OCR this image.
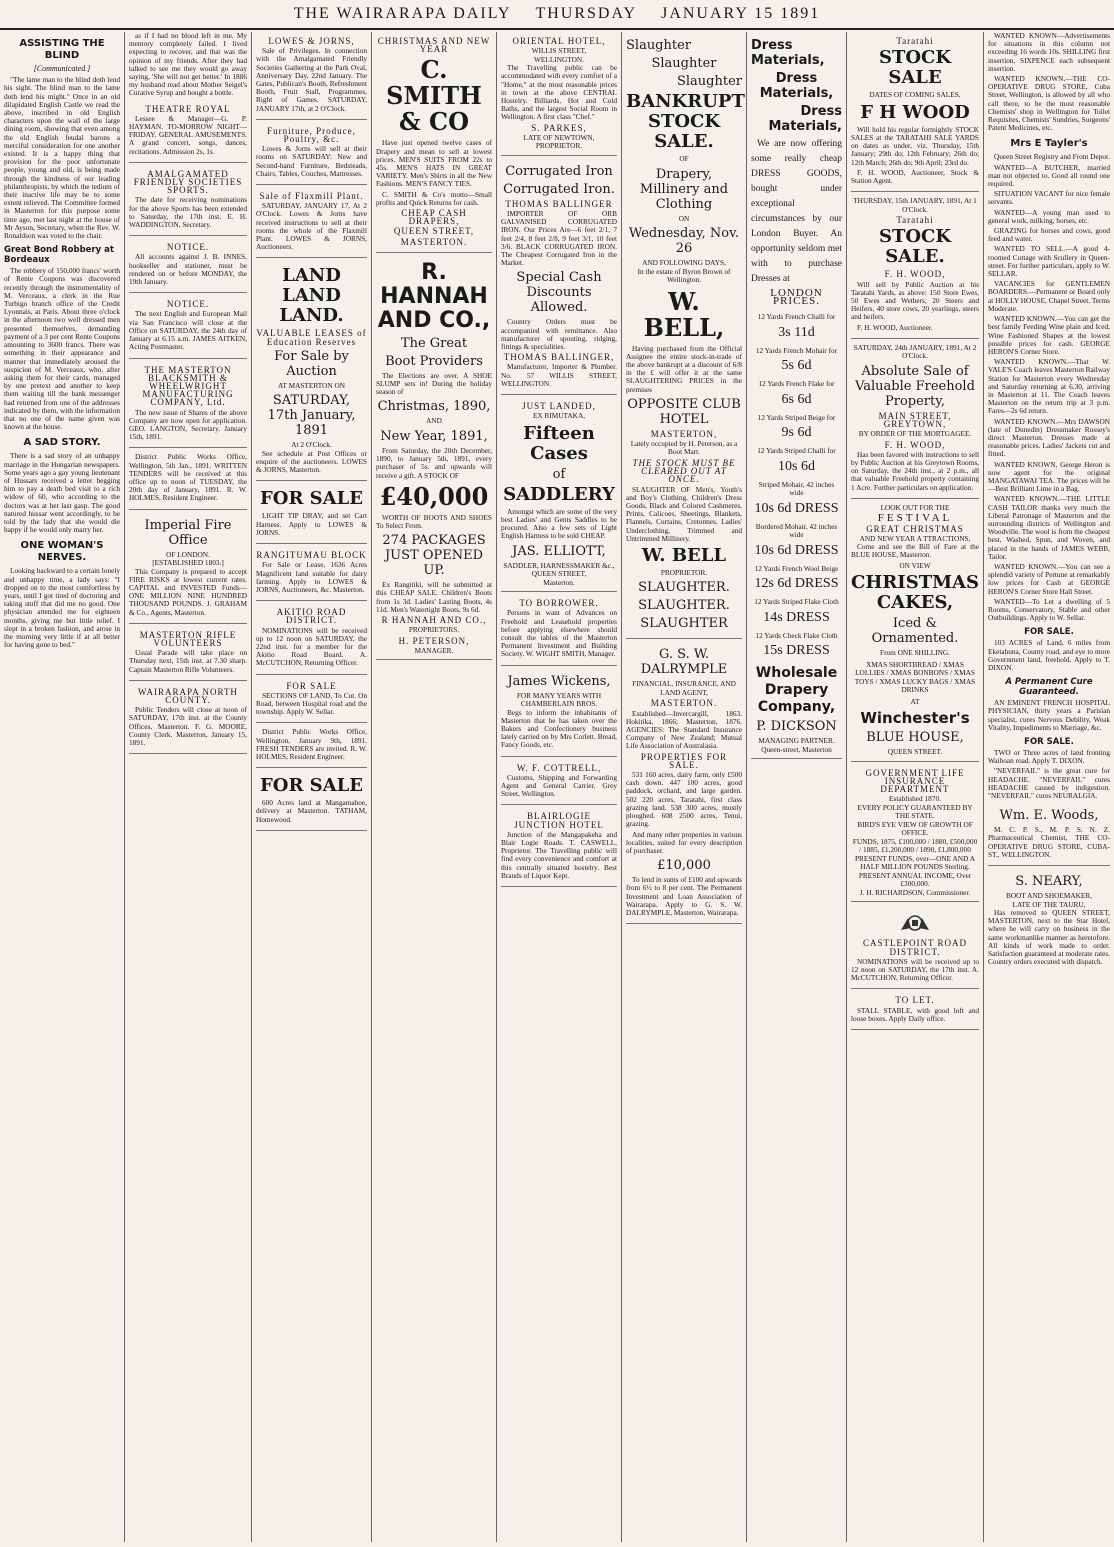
THE WAIRARAPA DAILY THURSDAY JANUARY 15 1891
ASSISTING THE BLIND
[Communicated.]

"The lame man to the blind doth lend his sight. The blind man to the lame doth lend his might." Once in an old dilapidated English Castle we read the above, inscribed in old English characters upon the wall of the large dining room, showing that even among the old English feudal barons a merciful consideration for one another existed. It is a happy thing that provision for the poor unfortunate people, young and old, is being made through the kindness of our leading philanthropists, by which the tedium of their inactive life may be to some extent relieved. The Committee formed in Masterton for this purpose some time ago, met last night at the house of Mr Ayson, Secretary, when the Rev. W. Ronaldson was voted to the chair.

Great Bond Robbery at Bordeaux

The robbery of 150,000 francs' worth of Rente Coupons was discovered recently through the instrumentality of M. Verceaux, a clerk in the Rue Turbigo branch office of the Credit Lyonnais, at Paris. About three o'clock in the afternoon two well dressed men presented themselves, demanding payment of a 3 per cent Rente Coupons amounting to 3600 francs. There was something in their appearance and manner that immediately aroused the suspicion of M. Verceaux, who, after asking them for their cards, managed by one pretext and another to keep them waiting till the bank messenger had returned from one of the addresses indicated by them, with the information that no one of the name given was known at the house.

A SAD STORY.

There is a sad story of an unhappy marriage in the Hungarian newspapers. Some years ago a gay young lieutenant of Hussars received a letter begging him to pay a death bed visit to a rich widow of 60, who according to the doctors was at her last gasp. The good natured hussar went accordingly, to be told by the lady that she would die happy if he would only marry her.

ONE WOMAN'S NERVES.

Looking backward to a certain lonely and unhappy time, a lady says: "I dropped on to the most comfortless by years, until I got tired of doctoring and taking stuff that did me no good. One physician attended me for eighteen months, giving me but little relief. I slept in a broken fashion, and arose in the morning very little if at all better for having gone to bed."

as if I had no blood left in me. My memory completely failed. I lived expecting to recover, and that was the opinion of my friends. After they had talked to see me they would go away saying, 'She will not get better.' In 1886 my husband read about Mother Seigel's Curative Syrup and bought a bottle.

THEATRE ROYAL

Lessee & Manager—G. P. HAYMAN. TO-MORROW NIGHT—FRIDAY. GENERAL AMUSEMENTS. A grand concert, songs, dances, recitations. Admission 2s, 1s.

AMALGAMATED FRIENDLY SOCIETIES SPORTS.

The date for receiving nominations for the above Sports has been extended to Saturday, the 17th inst. E. H. WADDINGTON, Secretary.

NOTICE.

All accounts against J. B. INNES, bookseller and stationer, must be rendered on or before MONDAY, the 19th January.

NOTICE.

The next English and European Mail via San Francisco will close at the Office on SATURDAY, the 24th day of January at 6.15 a.m. JAMES AITKEN, Acting Postmaster.

THE MASTERTON BLACKSMITH & WHEELWRIGHT MANUFACTURING COMPANY, Ltd.

The new issue of Shares of the above Company are now open for application. GEO. LANGTON, Secretary. January 15th, 1891.

District Public Works Office, Wellington, 5th Jan., 1891. WRITTEN TENDERS will be received at this office up to noon of TUESDAY, the 20th day of January, 1891. R. W. HOLMES, Resident Engineer.

Imperial Fire Office
OF LONDON.
[ESTABLISHED 1803.]

This Company is prepared to accept FIRE RISKS at lowest current rates. CAPITAL and INVESTED Funds—ONE MILLION NINE HUNDRED THOUSAND POUNDS. J. GRAHAM & Co., Agents, Masterton.

MASTERTON RIFLE VOLUNTEERS

Usual Parade will take place on Thursday next, 15th inst. at 7.30 sharp. Captain Masterton Rifle Volunteers.

WAIRARAPA NORTH COUNTY.

Public Tenders will close at noon of SATURDAY, 17th inst. at the County Offices, Masterton. F. G. MOORE, County Clerk. Masterton, January 15, 1891.

LOWES & JORNS,

Sale of Privileges. In connection with the Amalgamated Friendly Societies Gathering at the Park Oval, Anniversary Day, 22nd January. The Gates, Publican's Booth, Refreshment Booth, Fruit Stall, Programmes, Right of Games. SATURDAY, JANUARY 17th, at 2 O'Clock.

Furniture, Produce, Poultry, &c.

Lowes & Jorns will sell at their rooms on SATURDAY: New and Second-hand Furniture, Bedsteads, Chairs, Tables, Couches, Mattresses.

Sale of Flaxmill Plant.

SATURDAY, JANUARY 17, At 2 O'Clock. Lowes & Jorns have received instructions to sell at their rooms the whole of the Flaxmill Plant. LOWES & JORNS, Auctioneers.

LAND LAND LAND.
VALUABLE LEASES of Education Reserves
For Sale by Auction
AT MASTERTON ON
SATURDAY, 17th January, 1891
At 2 O'Clock.

See schedule at Post Offices or enquire of the auctioneers. LOWES & JORNS, Masterton.

FOR SALE

LIGHT TIP DRAY, and set Cart Harness. Apply to LOWES & JORNS.

RANGITUMAU BLOCK

For Sale or Lease, 1636 Acres Magnificent land suitable for dairy farming. Apply to LOWES & JORNS, Auctioneers, &c. Masterton.

AKITIO ROAD DISTRICT.

NOMINATIONS will be received up to 12 noon on SATURDAY, the 22nd inst. for a member for the Akitio Road Board. A. McCUTCHON, Returning Officer.

FOR SALE

SECTIONS OF LAND, To Cut. On Road, between Hospital road and the township. Apply W. Sellar.

District Public Works Office, Wellington, January 9th, 1891. FRESH TENDERS are invited. R. W. HOLMES, Resident Engineer.

FOR SALE

600 Acres land at Mangamahoe, delivery at Masterton. TATHAM, Homewood.

CHRISTMAS AND NEW YEAR
C. SMITH & CO

Have just opened twelve cases of Drapery and mean to sell at lowest prices. MEN'S SUITS FROM 22s to 45s. MEN'S HATS IN GREAT VARIETY. Men's Shirts in all the New Fashions. MEN'S FANCY TIES.

C. SMITH & Co's motto—Small profits and Quick Returns for cash.

CHEAP CASH DRAPERS,
QUEEN STREET,
MASTERTON.
R. HANNAH AND CO.,
The Great
Boot Providers

The Elections are over. A SHOE SLUMP sets in! During the holiday season of

Christmas, 1890,
AND
New Year, 1891,

From Saturday, the 20th December, 1890, to January 5th, 1891, every purchaser of 5s. and upwards will receive a gift. A STOCK OF

£40,000

WORTH OF BOOTS AND SHOES To Select From.

274 PACKAGES JUST OPENED UP.

Ex Rangitiki, will be submitted at this CHEAP SALE. Children's Boots from 1s 3d. Ladies' Lasting Boots, 4s 11d. Men's Watertight Boots, 9s 6d.

R HANNAH AND CO.,
PROPRIETORS.
H. PETERSON,
MANAGER.
ORIENTAL HOTEL,
WILLIS STREET,
WELLINGTON.

The Travelling public can be accommodated with every comfort of a "Home," at the most reasonable prices in town at the above CENTRAL Hostelry. Billiards, Hot and Cold Baths, and the largest Social Room in Wellington. A first class "Chef."

S. PARKES,
LATE OF NEWTOWN,
PROPRIETOR.
Corrugated Iron
Corrugated Iron.
THOMAS BALLINGER

IMPORTER OF ORB GALVANISED CORRUGATED IRON. Our Prices Are—6 feet 2/1, 7 feet 2/4, 8 feet 2/8, 9 feet 3/1, 10 feet 3/6. BLACK CORRUGATED IRON. The Cheapest Corrugated Iron in the Market.

Special Cash Discounts Allowed.

Country Orders must be accompanied with remittance. Also manufacturer of spouting, ridging, fittings & specialities.

THOMAS BALLINGER,

Manufacturer, Importer & Plumber. No. 57 WILLIS STREET, WELLINGTON.

JUST LANDED,
EX RIMUTAKA,
Fifteen Cases
of
SADDLERY

Amongst which are some of the very best Ladies' and Gents Saddles to be procured. Also a few sets of Light English Harness to be sold CHEAP.

JAS. ELLIOTT,
SADDLER, HARNESSMAKER &c.,
QUEEN STREET,
Masterton.
TO BORROWER.

Persons in want of Advances on Freehold and Leasehold properties before applying elsewhere should consult the tables of the Masterton Permanent Investment and Building Society. W. WIGHT SMITH, Manager.

James Wickens,
FOR MANY YEARS WITH CHAMBERLAIN BROS.

Begs to inform the inhabitants of Masterton that he has taken over the Bakers and Confectionery business lately carried on by Mrs Corlett. Bread, Fancy Goods, etc.

W. F. COTTRELL,

Customs, Shipping and Forwarding Agent and General Carrier. Grey Street, Wellington.

BLAIRLOGIE JUNCTION HOTEL

Junction of the Mangapakeha and Blair Logie Roads. T. CASWELL, Proprietor. The Travelling public will find every convenience and comfort at this centrally situated hostelry. Best Brands of Liquor Kept.

Slaughter
Slaughter
Slaughter
BANKRUPT STOCK SALE.
OF
Drapery, Millinery and Clothing
ON
Wednesday, Nov. 26
AND FOLLOWING DAYS,
In the estate of Byron Brown of Wellington.
W. BELL,

Having purchased from the Official Assignee the entire stock-in-trade of the above bankrupt at a discount of 6/8 in the £ will offer it at the same SLAUGHTERING PRICES in the premises

OPPOSITE CLUB HOTEL
MASTERTON,
Lately occupied by H. Peterson, as a Boot Mart.
THE STOCK MUST BE CLEARED OUT AT ONCE.

SLAUGHTER OF Men's, Youth's and Boy's Clothing, Children's Dress Goods, Black and Colored Cashmeres, Prints, Calicoes, Sheetings, Blankets, Flannels, Curtains, Cretonnes, Ladies' Underclothing, Trimmed and Untrimmed Millinery.

W. BELL
PROPRIETOR.
SLAUGHTER.
SLAUGHTER.
SLAUGHTER
G. S. W. DALRYMPLE
FINANCIAL, INSURANCE, AND LAND AGENT,
MASTERTON.

Established—Invercargill, 1863. Hokitika, 1866; Masterton, 1876. AGENCIES: The Standard Insurance Company of New Zealand; Mutual Life Association of Australasia.

PROPERTIES FOR SALE.

531 160 acres, dairy farm, only £500 cash down. 447 100 acres, good paddock, orchard, and large garden. 502 220 acres, Taratahi, first class grazing land. 538 300 acres, mostly ploughed. 608 2500 acres, Tenui, grazing.

And many other properties in various localities, suited for every description of purchaser.

£10,000

To lend in sums of £100 and upwards from 6½ to 8 per cent. The Permanent Investment and Loan Association of Wairarapa. Apply to G. S. W. DALRYMPLE, Masterton, Wairarapa.

Dress Materials,
Dress Materials,
Dress Materials,

We are now offering some really cheap DRESS GOODS, bought under exceptional circumstances by our London Buyer. An opportunity seldom met with to purchase Dresses at

LONDON PRICES.
12 Yards French Challi for
3s 11d
12 Yards French Mohair for
5s 6d
12 Yards French Flake for
6s 6d
12 Yards Striped Beige for
9s 6d
12 Yards Striped Challi for
10s 6d
Striped Mohair, 42 inches wide
10s 6d DRESS
Bordered Mohair, 42 inches wide
10s 6d DRESS
12 Yards French Wool Beige
12s 6d DRESS
12 Yards Striped Flake Cloth
14s DRESS
12 Yards Check Flake Cloth
15s DRESS
Wholesale Drapery Company,
P. DICKSON
MANAGING PARTNER.
Queen-street, Masterton
Taratahi
STOCK SALE
DATES OF COMING SALES,
F H WOOD

Will hold his regular fortnightly STOCK SALES at the TARATAHI SALE YARDS on dates as under, viz. Thursday, 15th January; 29th do; 12th February; 26th do; 12th March; 26th do; 9th April; 23rd do.

F. H. WOOD, Auctioneer, Stock & Station Agent.

THURSDAY, 15th JANUARY, 1891, At 1 O'Clock.
Taratahi
STOCK SALE.
F. H. WOOD,

Will sell by Public Auction at his Taratahi Yards, as above: 150 Store Ewes, 50 Ewes and Wethers, 20 Steers and Heifers, 40 store cows, 20 yearlings, steers and heifers.

F. H. WOOD, Auctioneer.

SATURDAY, 24th JANUARY, 1891, At 2 O'Clock.
Absolute Sale of Valuable Freehold Property,
MAIN STREET, GREYTOWN,
BY ORDER OF THE MORTGAGEE.
F. H. WOOD,

Has been favored with instructions to sell by Public Auction at his Greytown Rooms, on Saturday, the 24th inst., at 2 p.m., all that valuable Freehold property containing 1 Acre. Further particulars on application.

LOOK OUT FOR THE
FESTIVAL
GREAT CHRISTMAS
AND NEW YEAR A TTRACTIONS,

Come and see the Bill of Fare at the BLUE HOUSE, Masterton.

ON VIEW
CHRISTMAS CAKES,
Iced & Ornamented.
From ONE SHILLING.
XMAS SHORTBREAD / XMAS LOLLIES / XMAS BONBONS / XMAS TOYS / XMAS LUCKY BAGS / XMAS DRINKS
AT
Winchester's
BLUE HOUSE,
QUEEN STREET.
GOVERNMENT LIFE INSURANCE DEPARTMENT
Established 1870.
EVERY POLICY GUARANTEED BY THE STATE.
BIRD'S EYE VIEW OF GROWTH OF OFFICE.
FUNDS, 1875, £100,000 / 1880, £500,000 / 1885, £1,200,000 / 1890, £1,800,000
PRESENT FUNDS, over—ONE AND A HALF MILLION POUNDS Sterling.
PRESENT ANNUAL INCOME, Over £300,000.
J. H. RICHARDSON, Commissioner.
CASTLEPOINT ROAD DISTRICT.

NOMINATIONS will be received up to 12 noon on SATURDAY, the 17th inst. A. McCUTCHON, Returning Officer.

TO LET.

STALL STABLE, with good loft and loose boxes. Apply Daily office.

WANTED KNOWN—Advertisements for situations in this column not exceeding 16 words 10s. SHILLING first insertion, SIXPENCE each subsequent insertion.

WANTED KNOWN.—THE CO-OPERATIVE DRUG STORE, Cuba Street, Wellington, is allowed by all who call there, to be the most reasonable Chemists' shop in Wellington for Toilet Requisites, Chemists' Sundries, Surgeons' Patent Medicines, etc.

Mrs E Tayler's

Queen Street Registry and Front Depot.

WANTED—A BUTCHER, married man not objected to. Good all round one required.

SITUATION VACANT for nice female servants.

WANTED—A young man used to general work, milking, horses, etc.

GRAZING for horses and cows, good feed and water.

WANTED TO SELL.—A good 4-roomed Cottage with Scullery in Queen-street. For further particulars, apply to W. SELLAR.

VACANCIES for GENTLEMEN BOARDERS.—Permanent or Board only at HOLLY HOUSE, Chapel Street. Terms Moderate.

WANTED KNOWN.—You can get the best family Feeding Wine plain and Iced, Wine Fashioned Shapes at the lowest possible prices for cash. GEORGE HERON'S Corner Store.

WANTED KNOWN.—That W. VALE'S Coach leaves Masterton Railway Station for Masterton every Wednesday and Saturday returning at 6.30, arriving in Masterton at 11. The Coach leaves Masterton on the return trip at 3 p.m. Fares—2s 6d return.

WANTED KNOWN.—Mrs DAWSON (late of Dunedin) Dressmaker Rossey's direct Masterton. Dresses made at reasonable prices. Ladies' Jackets cut and fitted.

WANTED KNOWN, George Heron is now agent for the original MANGATAWAI TEA. The prices will be—Best Brilliant Lime in a Bag.

WANTED KNOWN.—THE LITTLE CASH TAILOR thanks very much the Liberal Patronage of Masterton and the surrounding districts of Wellington and Woodville. The wool is from the cheapest best, Washed, Spun, and Woven, and placed in the hands of JAMES WEBB, Tailor.

WANTED KNOWN.—You can see a splendid variety of Pertune at remarkably low prices for Cash at GEORGE HERON'S Corner Store Hall Street.

WANTED—To Let a dwelling of 5 Rooms, Conservatory, Stable and other Outbuildings. Apply to W. Sellar.

FOR SALE.

103 ACRES of Land, 6 miles from Eketahuna, County road, and eye to more Government land, freehold. Apply to T. DIXON.

A Permanent Cure Guaranteed.

AN EMINENT FRENCH HOSPITAL PHYSICIAN, thirty years a Parisian specialist, cures Nervous Debility, Weak Vitality, Impediments to Marriage, &c.

FOR SALE.

TWO or Three acres of land fronting Waihoan road. Apply T. DIXON.

"NEVERFAIL" is the great cure for HEADACHE. "NEVERFAIL" cures HEADACHE caused by indigestion. "NEVERFAIL" cures NEURALGIA.

Wm. E. Woods,

M. C. P. S., M. P. S. N. Z. Pharmaceutical Chemist, THE CO-OPERATIVE DRUG STORE, CUBA-ST., WELLINGTON.

S. NEARY,
BOOT AND SHOEMAKER,
LATE OF THE TAURU,

Has removed to QUEEN STREET, MASTERTON, next to the Star Hotel, where he will carry on business in the same workmanlike manner as heretofore. All kinds of work made to order. Satisfaction guaranteed at moderate rates. Country orders executed with dispatch.
